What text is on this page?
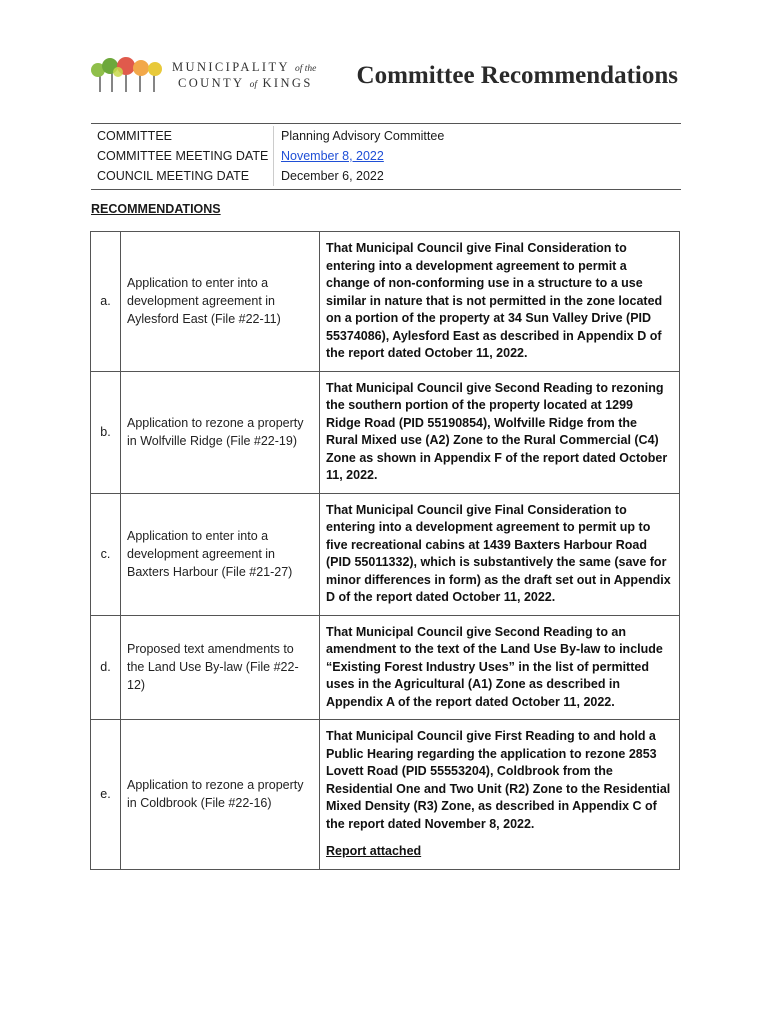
MUNICIPALITY of the
COUNTY of KINGS Committee Recommendations
COMMITTEE	Planning Advisory Committee
COMMITTEE MEETING DATE	November 8, 2022
COUNCIL MEETING DATE	December 6, 2022
RECOMMENDATIONS
a.	Application to enter into a development agreement in Aylesford East (File #22-11)	That Municipal Council give Final Consideration to entering into a development agreement to permit a change of non-conforming use in a structure to a use similar in nature that is not permitted in the zone located on a portion of the property at 34 Sun Valley Drive (PID 55374086), Aylesford East as described in Appendix D of the report dated October 11, 2022.
b.	Application to rezone a property in Wolfville Ridge (File #22-19)	That Municipal Council give Second Reading to rezoning the southern portion of the property located at 1299 Ridge Road (PID 55190854), Wolfville Ridge from the Rural Mixed use (A2) Zone to the Rural Commercial (C4) Zone as shown in Appendix F of the report dated October 11, 2022.
c.	Application to enter into a development agreement in Baxters Harbour (File #21-27)	That Municipal Council give Final Consideration to entering into a development agreement to permit up to five recreational cabins at 1439 Baxters Harbour Road (PID 55011332), which is substantively the same (save for minor differences in form) as the draft set out in Appendix D of the report dated October 11, 2022.
d.	Proposed text amendments to the Land Use By-law (File #22-12)	That Municipal Council give Second Reading to an amendment to the text of the Land Use By-law to include “Existing Forest Industry Uses” in the list of permitted uses in the Agricultural (A1) Zone as described in Appendix A of the report dated October 11, 2022.
e.	Application to rezone a property in Coldbrook (File #22-16)	That Municipal Council give First Reading to and hold a Public Hearing regarding the application to rezone 2853 Lovett Road (PID 55553204), Coldbrook from the Residential One and Two Unit (R2) Zone to the Residential Mixed Density (R3) Zone, as described in Appendix C of the report dated November 8, 2022.
Report attached
